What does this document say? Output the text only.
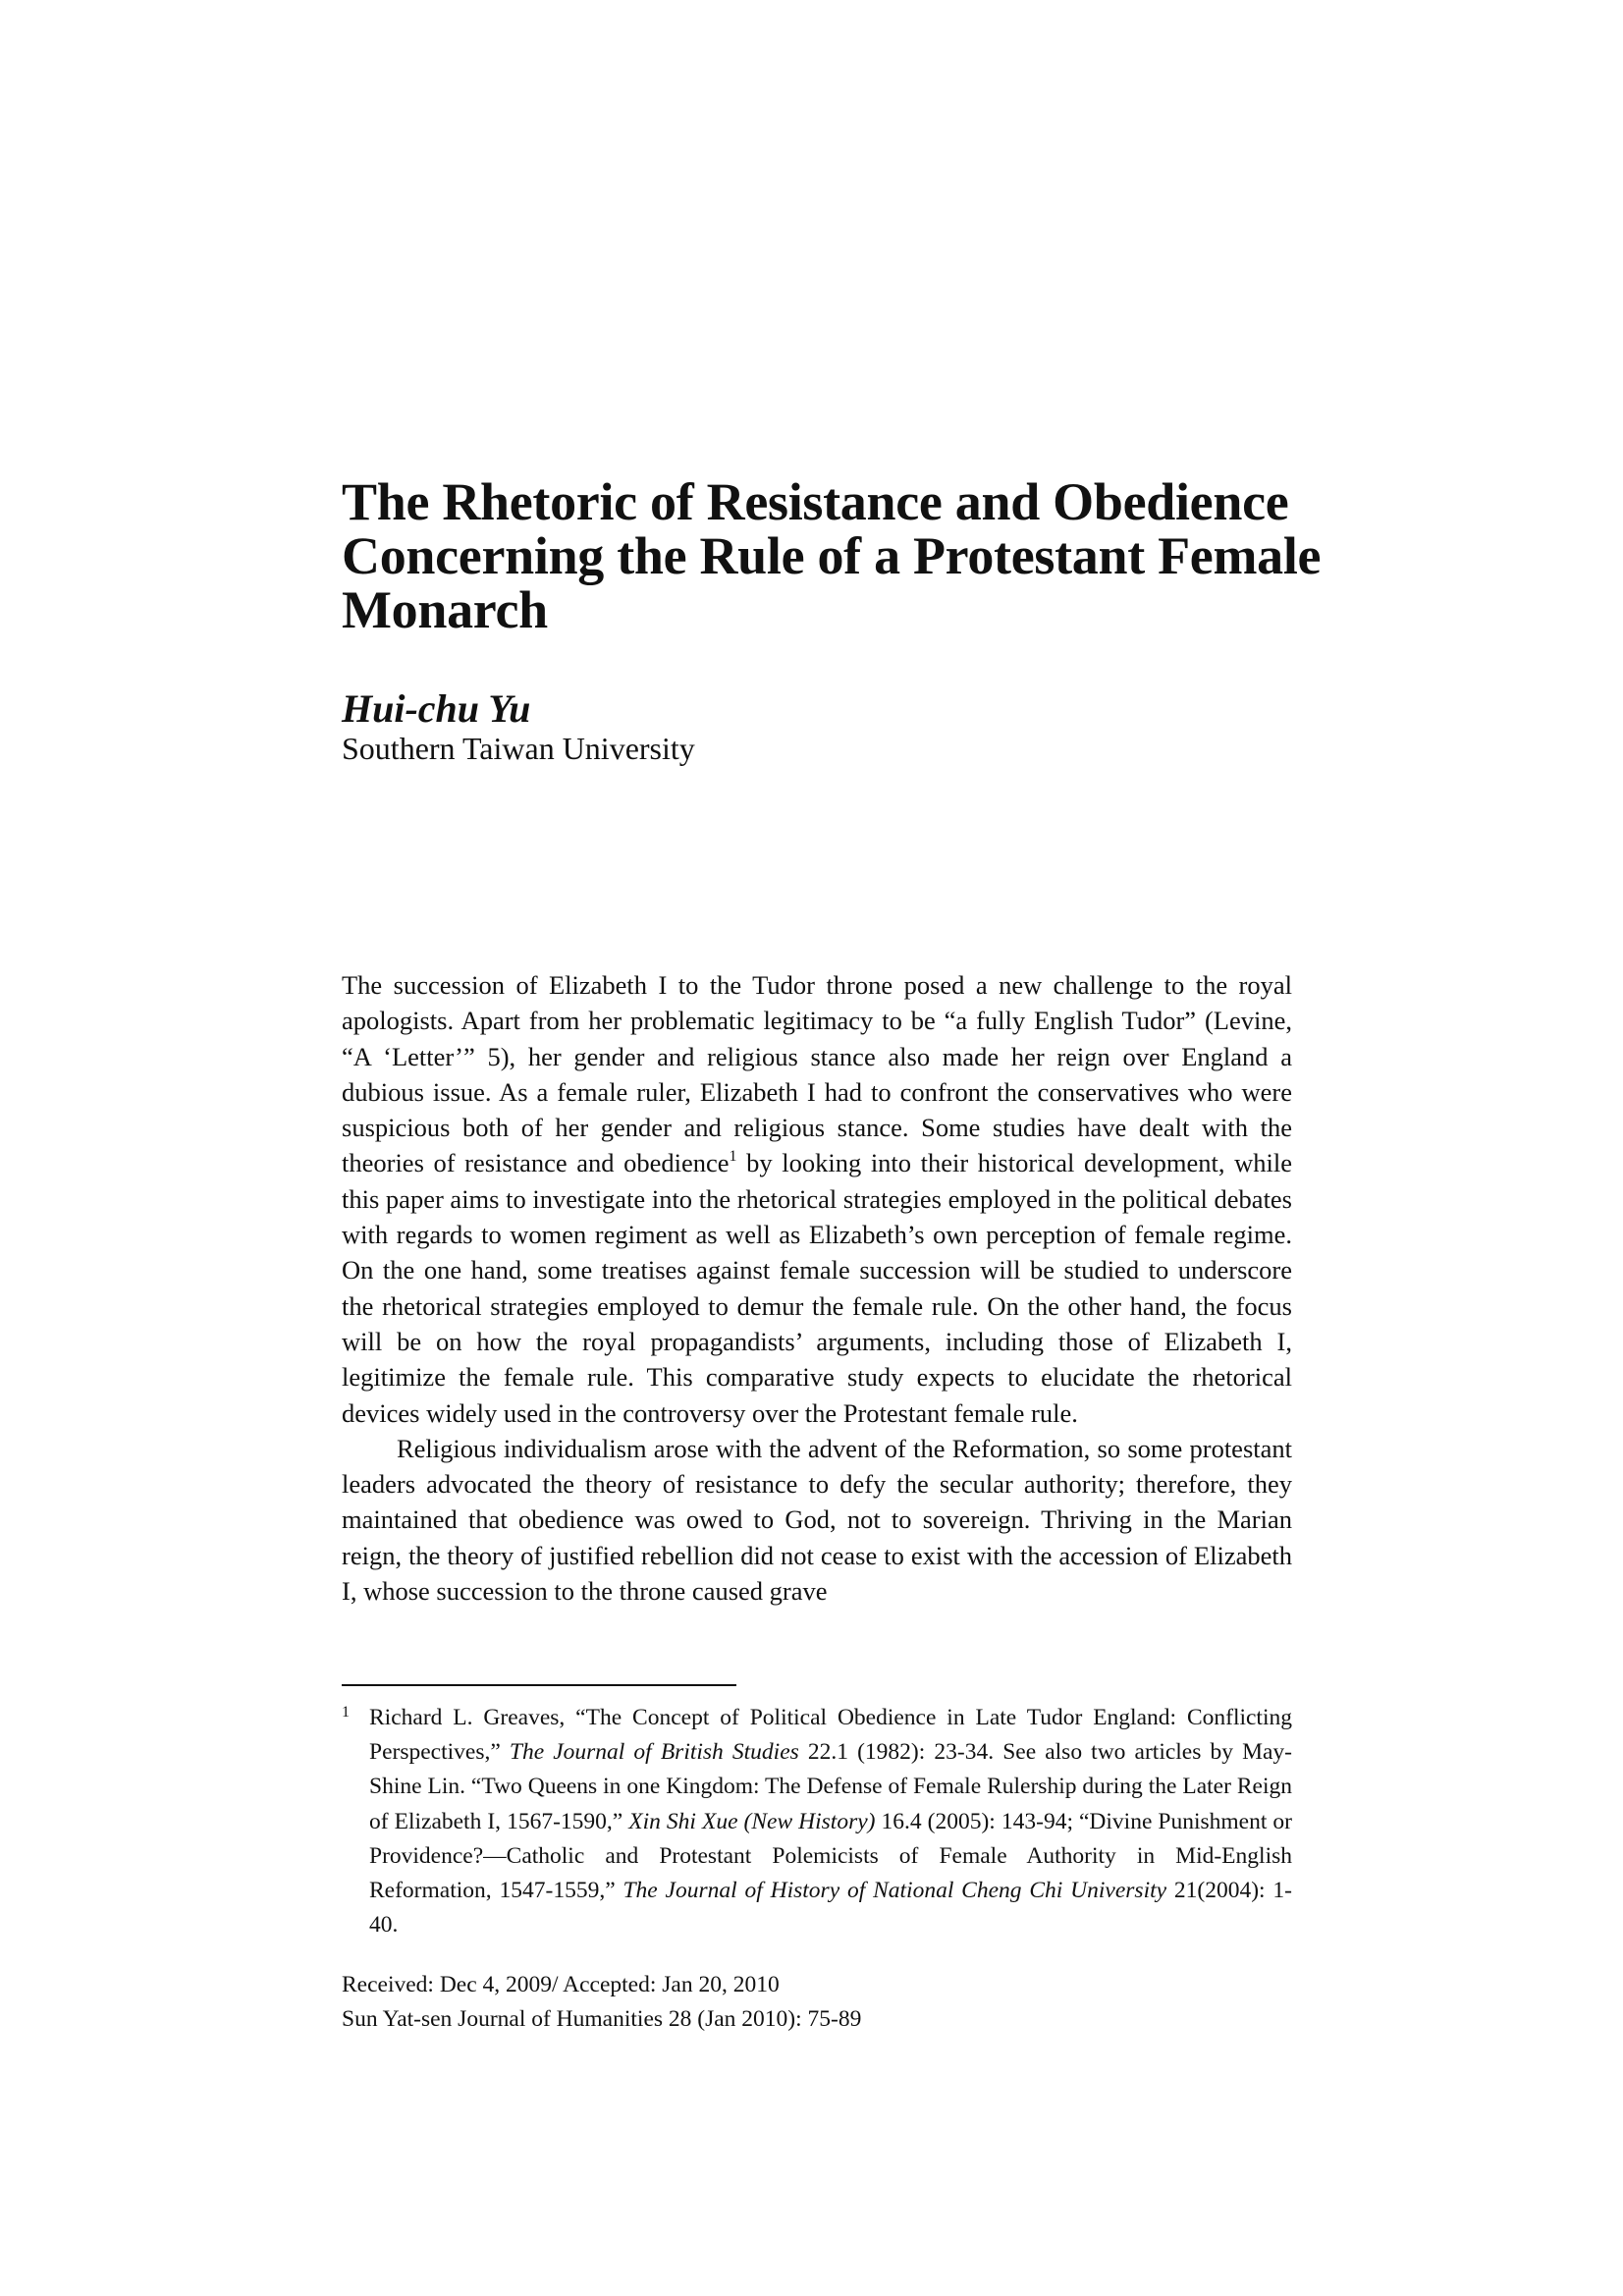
The Rhetoric of Resistance and Obedience
Concerning the Rule of a Protestant Female
Monarch

Hui-chu Yu

Southern Taiwan University

The succession of Elizabeth I to the Tudor throne posed a new challenge to the royal apologists. Apart from her problematic legitimacy to be “a fully English Tudor” (Levine, “A ‘Letter’” 5), her gender and religious stance also made her reign over England a dubious issue. As a female ruler, Elizabeth I had to confront the conservatives who were suspicious both of her gender and religious stance. Some studies have dealt with the theories of resistance and obedience$^1$ by looking into their historical development, while this paper aims to investigate into the rhetorical strategies employed in the political debates with regards to women regiment as well as Elizabeth’s own perception of female regime. On the one hand, some treatises against female succession will be studied to underscore the rhetorical strategies employed to demur the female rule. On the other hand, the focus will be on how the royal propagandists’ arguments, including those of Elizabeth I, legitimize the female rule. This comparative study expects to elucidate the rhetorical devices widely used in the controversy over the Protestant female rule.

Religious individualism arose with the advent of the Reformation, so some protestant leaders advocated the theory of resistance to defy the secular authority; therefore, they maintained that obedience was owed to God, not to sovereign. Thriving in the Marian reign, the theory of justified rebellion did not cease to exist with the accession of Elizabeth I, whose succession to the throne caused grave

1 Richard L. Greaves, “The Concept of Political Obedience in Late Tudor England: Conflicting Perspectives,” The Journal of British Studies 22.1 (1982): 23-34. See also two articles by May-Shine Lin. “Two Queens in one Kingdom: The Defense of Female Rulership during the Later Reign of Elizabeth I, 1567-1590,” Xin Shi Xue (New History) 16.4 (2005): 143-94; “Divine Punishment or Providence?—Catholic and Protestant Polemicists of Female Authority in Mid-English Reformation, 1547-1559,” The Journal of History of National Cheng Chi University 21(2004): 1-40.
Received: Dec 4, 2009/ Accepted: Jan 20, 2010
Sun Yat-sen Journal of Humanities 28 (Jan 2010): 75-89
